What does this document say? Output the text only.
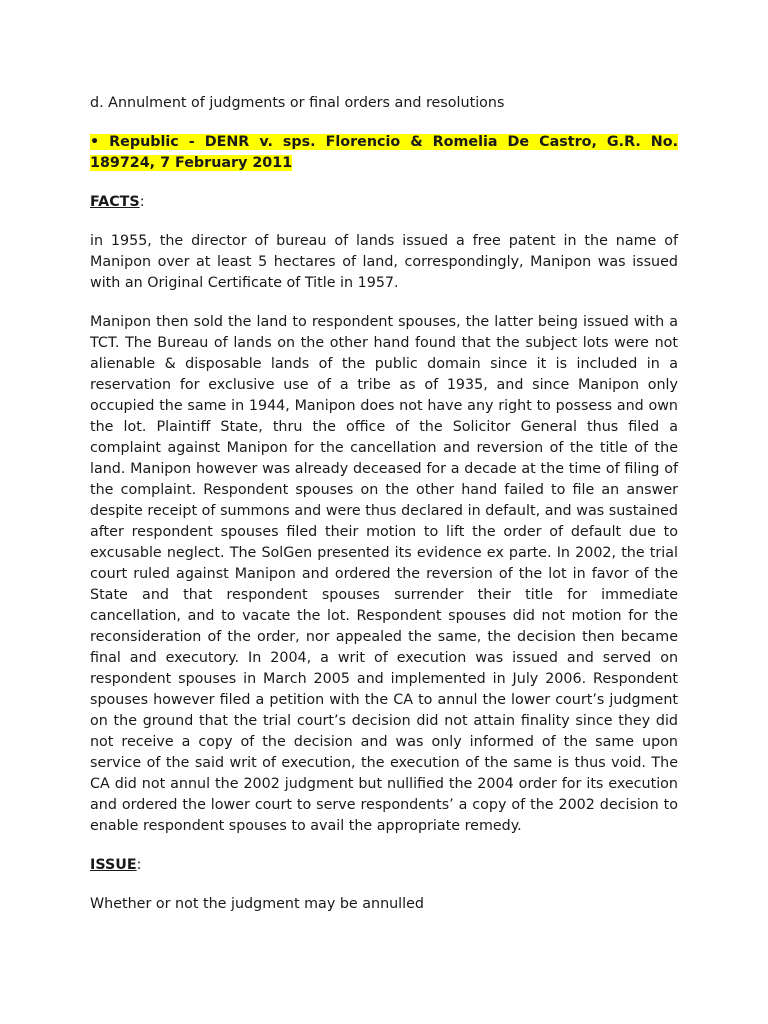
d. Annulment of judgments or final orders and resolutions

• Republic - DENR v. sps. Florencio & Romelia De Castro, G.R. No. 189724, 7 February 2011

FACTS:

in 1955, the director of bureau of lands issued a free patent in the name of Manipon over at least 5 hectares of land, correspondingly, Manipon was issued with an Original Certificate of Title in 1957.

Manipon then sold the land to respondent spouses, the latter being issued with a TCT. The Bureau of lands on the other hand found that the subject lots were not alienable & disposable lands of the public domain since it is included in a reservation for exclusive use of a tribe as of 1935, and since Manipon only occupied the same in 1944, Manipon does not have any right to possess and own the lot. Plaintiff State, thru the office of the Solicitor General thus filed a complaint against Manipon for the cancellation and reversion of the title of the land. Manipon however was already deceased for a decade at the time of filing of the complaint. Respondent spouses on the other hand failed to file an answer despite receipt of summons and were thus declared in default, and was sustained after respondent spouses filed their motion to lift the order of default due to excusable neglect. The SolGen presented its evidence ex parte. In 2002, the trial court ruled against Manipon and ordered the reversion of the lot in favor of the State and that respondent spouses surrender their title for immediate cancellation, and to vacate the lot. Respondent spouses did not motion for the reconsideration of the order, nor appealed the same, the decision then became final and executory. In 2004, a writ of execution was issued and served on respondent spouses in March 2005 and implemented in July 2006. Respondent spouses however filed a petition with the CA to annul the lower court’s judgment on the ground that the trial court’s decision did not attain finality since they did not receive a copy of the decision and was only informed of the same upon service of the said writ of execution, the execution of the same is thus void. The CA did not annul the 2002 judgment but nullified the 2004 order for its execution and ordered the lower court to serve respondents’ a copy of the 2002 decision to enable respondent spouses to avail the appropriate remedy.

ISSUE:

Whether or not the judgment may be annulled
